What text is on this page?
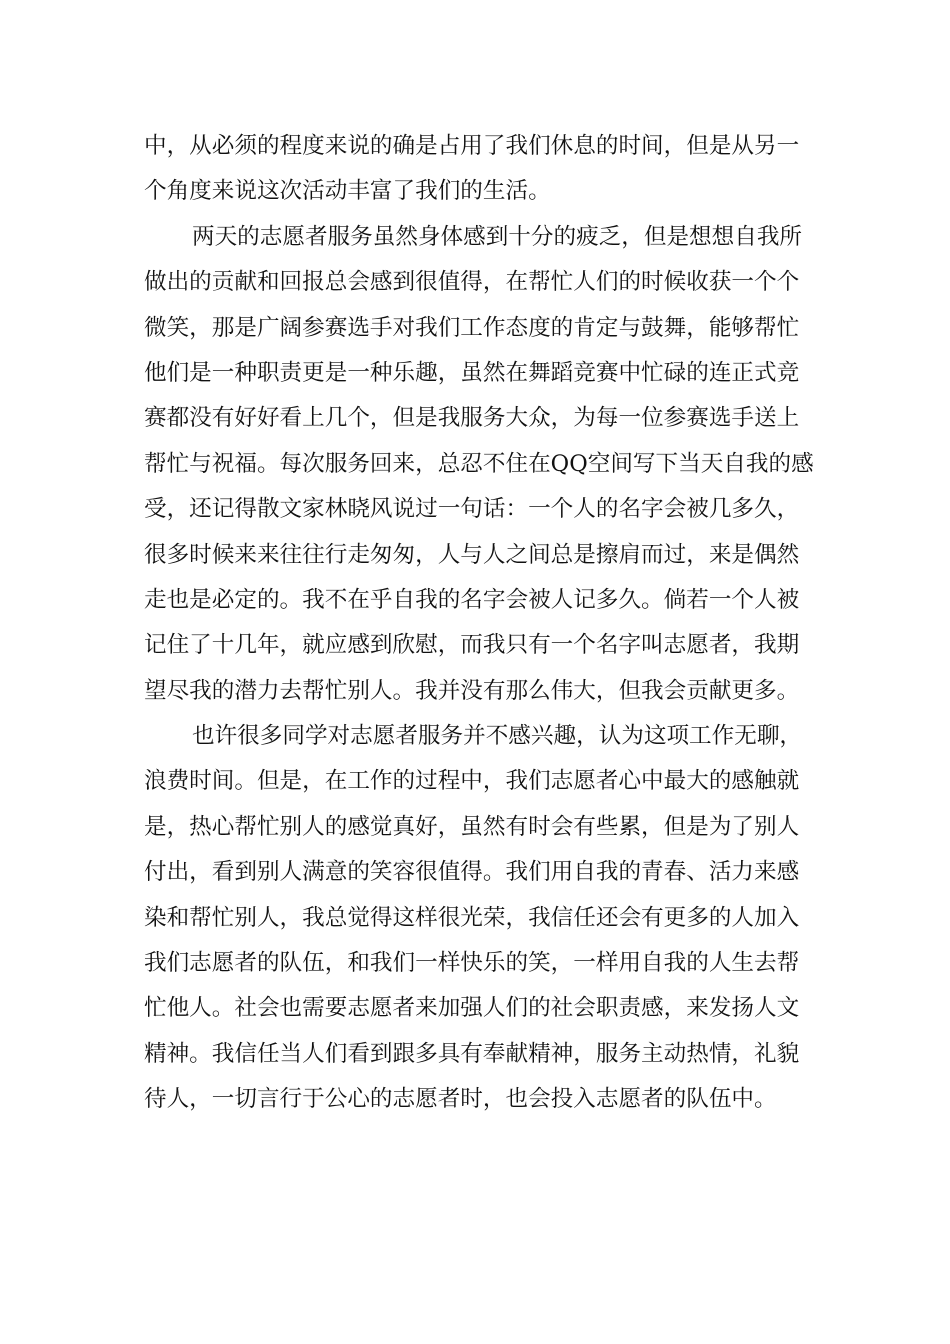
中，从必须的程度来说的确是占用了我们休息的时间，但是从另一
个角度来说这次活动丰富了我们的生活。
两天的志愿者服务虽然身体感到十分的疲乏，但是想想自我所
做出的贡献和回报总会感到很值得，在帮忙人们的时候收获一个个
微笑，那是广阔参赛选手对我们工作态度的肯定与鼓舞，能够帮忙
他们是一种职责更是一种乐趣，虽然在舞蹈竞赛中忙碌的连正式竞
赛都没有好好看上几个，但是我服务大众，为每一位参赛选手送上
帮忙与祝福。每次服务回来，总忍不住在QQ空间写下当天自我的感
受，还记得散文家林晓风说过一句话：一个人的名字会被几多久，
很多时候来来往往行走匆匆，人与人之间总是擦肩而过，来是偶然
走也是必定的。我不在乎自我的名字会被人记多久。倘若一个人被
记住了十几年，就应感到欣慰，而我只有一个名字叫志愿者，我期
望尽我的潜力去帮忙别人。我并没有那么伟大，但我会贡献更多。
也许很多同学对志愿者服务并不感兴趣，认为这项工作无聊，
浪费时间。但是，在工作的过程中，我们志愿者心中最大的感触就
是，热心帮忙别人的感觉真好，虽然有时会有些累，但是为了别人
付出，看到别人满意的笑容很值得。我们用自我的青春、活力来感
染和帮忙别人，我总觉得这样很光荣，我信任还会有更多的人加入
我们志愿者的队伍，和我们一样快乐的笑，一样用自我的人生去帮
忙他人。社会也需要志愿者来加强人们的社会职责感，来发扬人文
精神。我信任当人们看到跟多具有奉献精神，服务主动热情，礼貌
待人，一切言行于公心的志愿者时，也会投入志愿者的队伍中。
